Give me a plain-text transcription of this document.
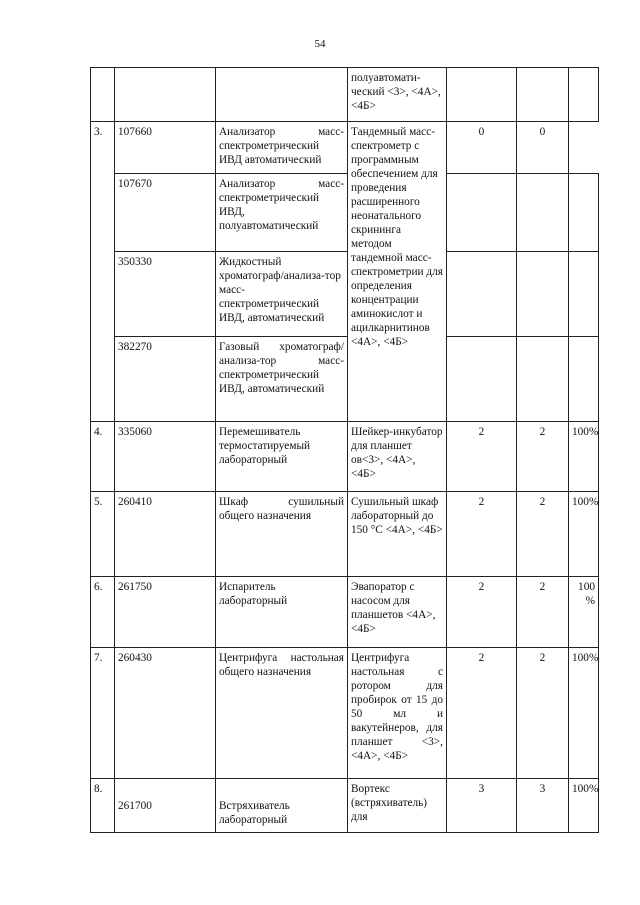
54
			полуавтомати-ческий <3>, <4А>, <4Б>			
3.	107660	Анализатор масс-спектрометрический ИВД автоматический	Тандемный масс-спектрометр с программным обеспечением для проведения расширенного неонатального скрининга методом тандемной масс-спектрометрии для определения концентрации аминокислот и ацилкарнитинов <4А>, <4Б>	0	0	
	107670	Анализатор масс-спектрометрический ИВД, полуавтоматический				
	350330	Жидкостный хроматограф/анализа-тор масс-спектрометрический ИВД, автоматический				
	382270	Газовый хроматограф/анализа-тор масс-спектрометрический ИВД, автоматический				
4.	335060	Перемешиватель термостатируемый лабораторный	Шейкер-инкубатор для планшет ов<3>, <4А>, <4Б>	2	2	100%
5.	260410	Шкаф сушильный общего назначения	Сушильный шкаф лабораторный до 150 °С <4А>, <4Б>	2	2	100%
6.	261750	Испаритель лабораторный	Эвапоратор с насосом для планшетов <4А>, <4Б>	2	2	100 %
7.	260430	Центрифуга настольная общего назначения	Центрифуга настольная с ротором для пробирок от 15 до 50 мл и вакутейнеров, для планшет <3>, <4А>, <4Б>	2	2	100%
8.	261700	Встряхиватель лабораторный	Вортекс (встряхиватель) для	3	3	100%
